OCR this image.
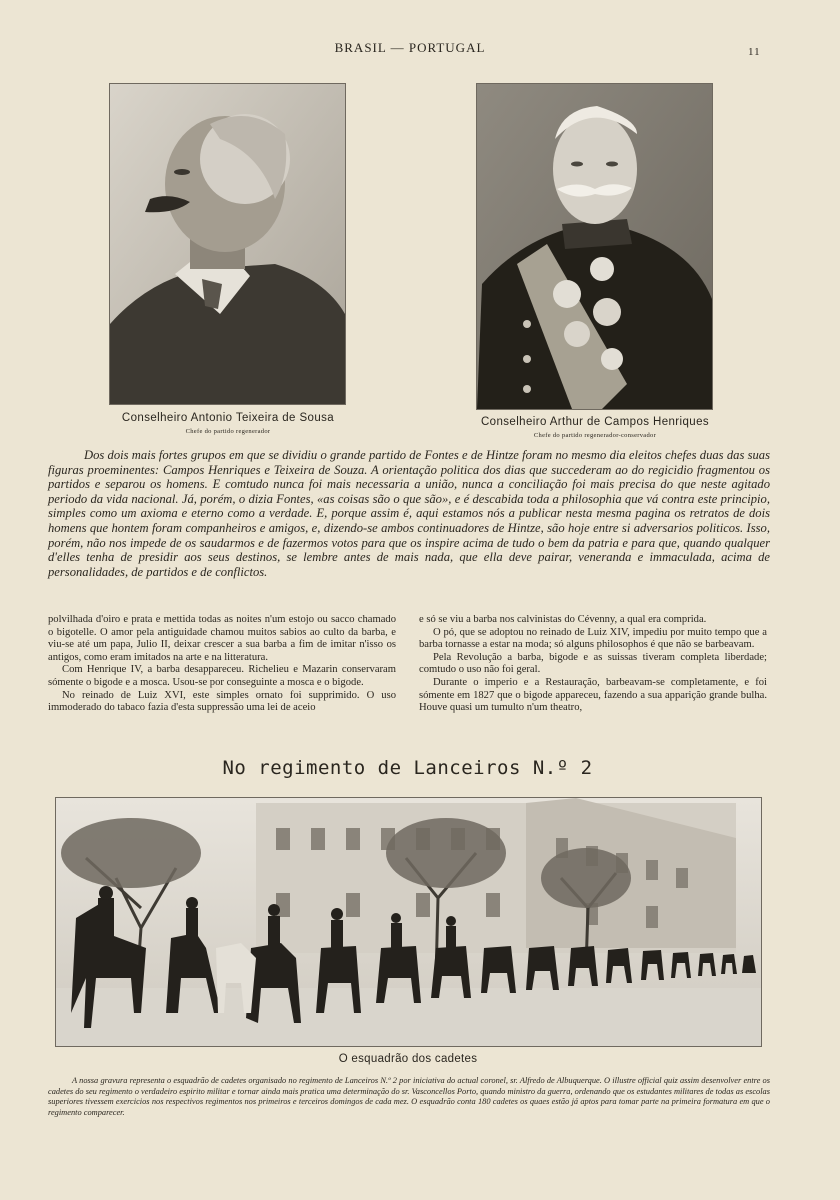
BRASIL — PORTUGAL	11
Conselheiro Antonio Teixeira de Sousa
Chefe do partido regenerador
Conselheiro Arthur de Campos Henriques
Chefe do partido regenerador-conservador
Dos dois mais fortes grupos em que se dividiu o grande partido de Fontes e de Hintze foram no mesmo dia eleitos chefes duas das suas figuras proeminentes: Campos Henriques e Teixeira de Souza. A orientação politica dos dias que succederam ao do regicidio fragmentou os partidos e separou os homens. E comtudo nunca foi mais necessaria a união, nunca a conciliação foi mais precisa do que neste agitado periodo da vida nacional. Já, porém, o dizia Fontes, «as coisas são o que são», e é descabida toda a philosophia que vá contra este principio, simples como um axioma e eterno como a verdade. E, porque assim é, aqui estamos nós a publicar nesta mesma pagina os retratos de dois homens que hontem foram companheiros e amigos, e, dizendo-se ambos continuadores de Hintze, são hoje entre si adversarios politicos. Isso, porém, não nos impede de os saudarmos e de fazermos votos para que os inspire acima de tudo o bem da patria e para que, quando qualquer d'elles tenha de presidir aos seus destinos, se lembre antes de mais nada, que ella deve pairar, veneranda e immaculada, acima de personalidades, de partidos e de conflictos.

polvilhada d'oiro e prata e mettida todas as noites n'um estojo ou sacco chamado o bigotelle. O amor pela antiguidade chamou muitos sabios ao culto da barba, e viu-se até um papa, Julio II, deixar crescer a sua barba a fim de imitar n'isso os antigos, como eram imitados na arte e na litteratura.

Com Henrique IV, a barba desappareceu. Richelieu e Mazarin conservaram sómente o bigode e a mosca. Usou-se por conseguinte a mosca e o bigode.

No reinado de Luiz XVI, este simples ornato foi supprimido. O uso immoderado do tabaco fazia d'esta suppressão uma lei de aceio

e só se viu a barba nos calvinistas do Cévenny, a qual era comprida.

O pó, que se adoptou no reinado de Luiz XIV, impediu por muito tempo que a barba tornasse a estar na moda; só alguns philosophos é que não se barbeavam.

Pela Revolução a barba, bigode e as suissas tiveram completa liberdade; comtudo o uso não foi geral.

Durante o imperio e a Restauração, barbeavam-se completamente, e foi sómente em 1827 que o bigode appareceu, fazendo a sua apparição grande bulha. Houve quasi um tumulto n'um theatro,

No regimento de Lanceiros N.º 2
O esquadrão dos cadetes
A nossa gravura representa o esquadrão de cadetes organisado no regimento de Lanceiros N.º 2 por iniciativa do actual coronel, sr. Alfredo de Albuquerque. O illustre official quiz assim desenvolver entre os cadetes do seu regimento o verdadeiro espirito militar e tornar ainda mais pratica uma determinação do sr. Vasconcellos Porto, quando ministro da guerra, ordenando que os estudantes militares de todas as escolas superiores tivessem exercicios nos respectivos regimentos nos primeiros e terceiros domingos de cada mez. O esquadrão conta 180 cadetes os quaes estão já aptos para tomar parte na primeira formatura em que o regimento comparecer.
